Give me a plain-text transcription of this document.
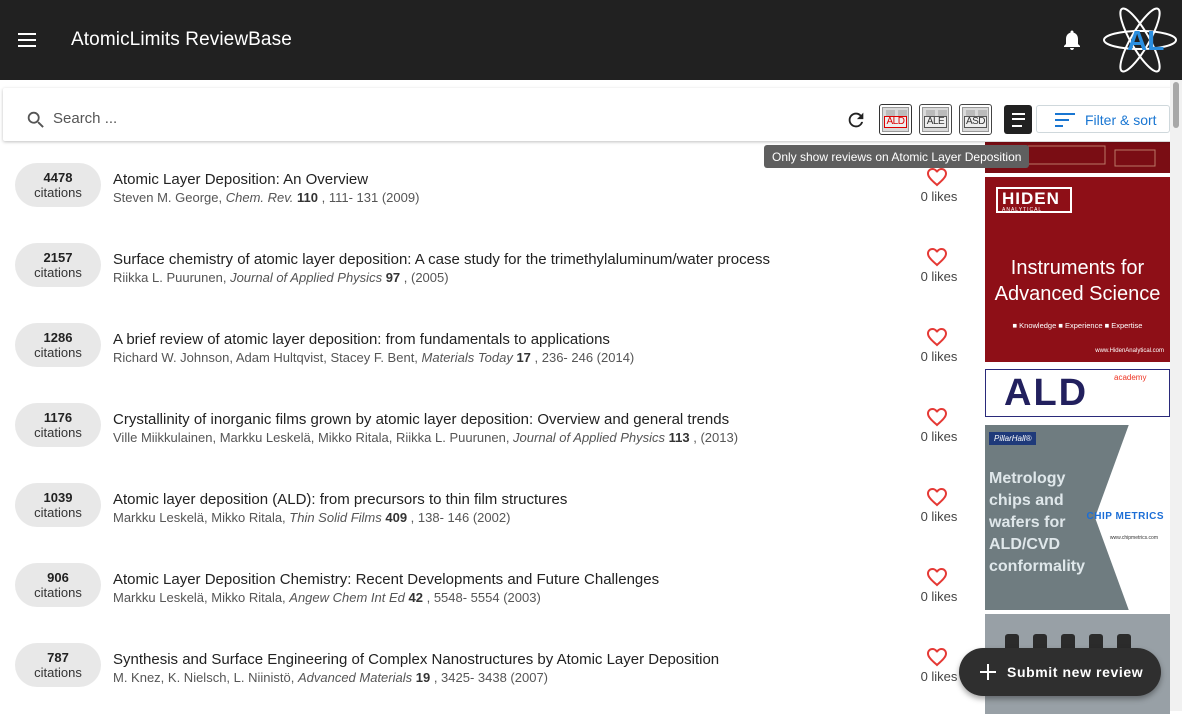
AtomicLimits ReviewBase	AL
Search ...
ALD ALE ASD	Filter & sort
Only show reviews on Atomic Layer Deposition
4478
citations
Atomic Layer Deposition: An Overview
Steven M. George, Chem. Rev. 110 , 111- 131 (2009)	0 likes
2157
citations
Surface chemistry of atomic layer deposition: A case study for the trimethylaluminum/water process
Riikka L. Puurunen, Journal of Applied Physics 97 , (2005)	0 likes
1286
citations
A brief review of atomic layer deposition: from fundamentals to applications
Richard W. Johnson, Adam Hultqvist, Stacey F. Bent, Materials Today 17 , 236- 246 (2014)	0 likes
1176
citations
Crystallinity of inorganic films grown by atomic layer deposition: Overview and general trends
Ville Miikkulainen, Markku Leskelä, Mikko Ritala, Riikka L. Puurunen, Journal of Applied Physics 113 , (2013)	0 likes
1039
citations
Atomic layer deposition (ALD): from precursors to thin film structures
Markku Leskelä, Mikko Ritala, Thin Solid Films 409 , 138- 146 (2002)	0 likes
906
citations
Atomic Layer Deposition Chemistry: Recent Developments and Future Challenges
Markku Leskelä, Mikko Ritala, Angew Chem Int Ed 42 , 5548- 5554 (2003)	0 likes
787
citations
Synthesis and Surface Engineering of Complex Nanostructures by Atomic Layer Deposition
M. Knez, K. Nielsch, L. Niinistö, Advanced Materials 19 , 3425- 3438 (2007)	0 likes
HIDEN
ANALYTICAL
Instruments for
Advanced Science
■ Knowledge ■ Experience ■ Expertise
www.HidenAnalytical.com
ALD	academy
PillarHall®
Metrology
chips and
wafers for
ALD/CVD
conformality
CHIP METRICS
www.chipmetrics.com
Submit new review
